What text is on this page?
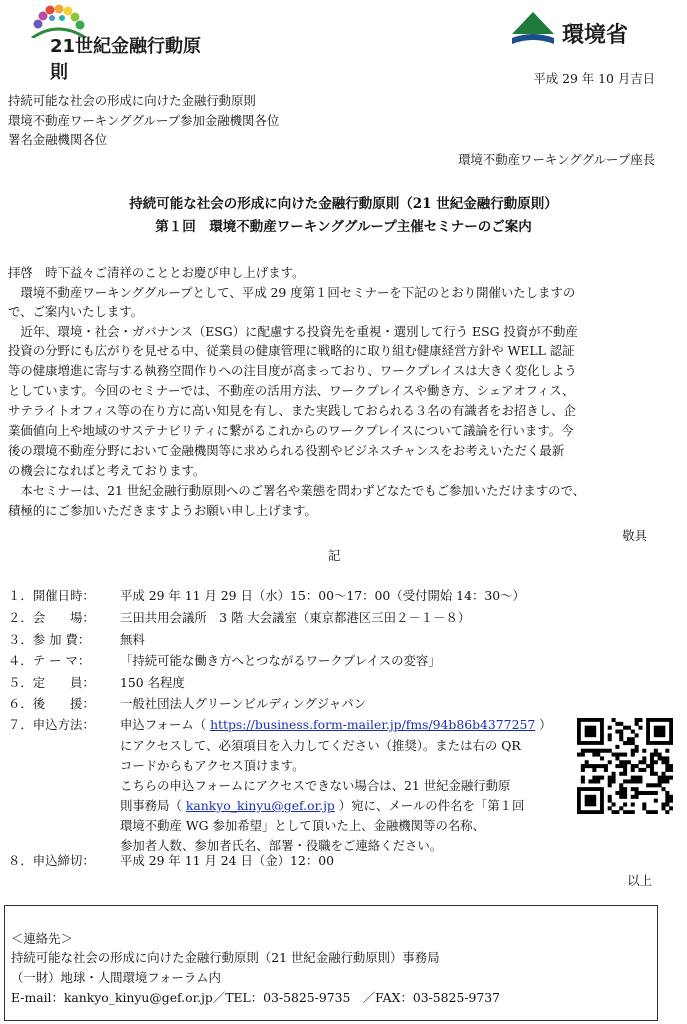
21世紀金融行動原則
環境省
平成 29 年 10 月吉日
持続可能な社会の形成に向けた金融行動原則
環境不動産ワーキンググループ参加金融機関各位
署名金融機関各位
環境不動産ワーキンググループ座長
持続可能な社会の形成に向けた金融行動原則（21 世紀金融行動原則）
第１回　環境不動産ワーキンググループ主催セミナーのご案内
拝啓　時下益々ご清祥のこととお慶び申し上げます。
　環境不動産ワーキンググループとして、平成 29 度第１回セミナーを下記のとおり開催いたしますの
で、ご案内いたします。
　近年、環境・社会・ガバナンス（ESG）に配慮する投資先を重視・選別して行う ESG 投資が不動産
投資の分野にも広がりを見せる中、従業員の健康管理に戦略的に取り組む健康経営方針や WELL 認証
等の健康増進に寄与する執務空間作りへの注目度が高まっており、ワークプレイスは大きく変化しよう
としています。今回のセミナーでは、不動産の活用方法、ワークプレイスや働き方、シェアオフィス、
サテライトオフィス等の在り方に高い知見を有し、また実践しておられる３名の有識者をお招きし、企
業価値向上や地域のサステナビリティに繋がるこれからのワークプレイスについて議論を行います。今
後の環境不動産分野において金融機関等に求められる役割やビジネスチャンスをお考えいただく最新
の機会になればと考えております。
　本セミナーは、21 世紀金融行動原則へのご署名や業態を問わずどなたでもご参加いただけますので、
積極的にご参加いただきますようお願い申し上げます。
敬具
記
１．開催日時： 平成 29 年 11 月 29 日（水）15：00〜17：00（受付開始 14：30〜）
２．会　　場： 三田共用会議所　3 階 大会議室（東京都港区三田２－１－８）
３．参 加 費： 無料
４．テ ー マ： 「持続可能な働き方へとつながるワークプレイスの変容」
５．定　　員： 150 名程度
６．後　　援： 一般社団法人グリーンビルディングジャパン
７．申込方法： 申込フォーム（ https://business.form-mailer.jp/fms/94b86b4377257 ）
にアクセスして、必須項目を入力してください（推奨）。または右の QR
コードからもアクセス頂けます。
こちらの申込フォームにアクセスできない場合は、21 世紀金融行動原
則事務局（ kankyo_kinyu@gef.or.jp ）宛に、メールの件名を「第１回
環境不動産 WG 参加希望」として頂いた上、金融機関等の名称、
参加者人数、参加者氏名、部署・役職をご連絡ください。
８．申込締切： 平成 29 年 11 月 24 日（金）12：00
以上
＜連絡先＞
持続可能な社会の形成に向けた金融行動原則（21 世紀金融行動原則）事務局
（一財）地球・人間環境フォーラム内
E-mail：kankyo_kinyu@gef.or.jp／TEL：03-5825-9735　／FAX：03-5825-9737
